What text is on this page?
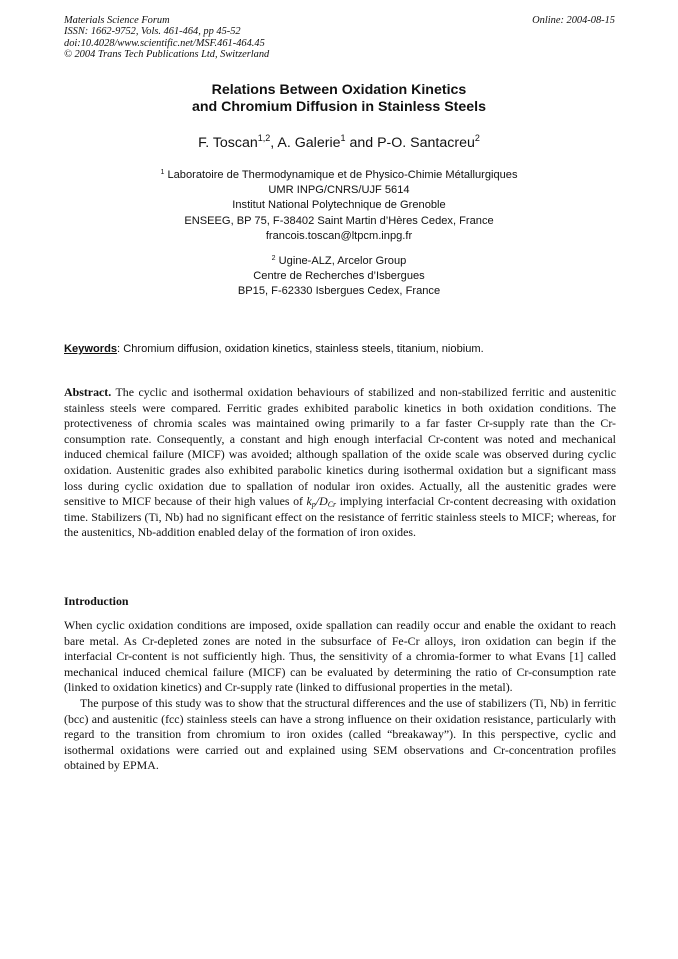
Materials Science Forum
ISSN: 1662-9752, Vols. 461-464, pp 45-52
doi:10.4028/www.scientific.net/MSF.461-464.45
© 2004 Trans Tech Publications Ltd, Switzerland
Online: 2004-08-15
Relations Between Oxidation Kinetics
and Chromium Diffusion in Stainless Steels
F. Toscan$^{1,2}$, A. Galerie$^1$ and P-O. Santacreu$^2$
$^1$ Laboratoire de Thermodynamique et de Physico-Chimie Métallurgiques
UMR INPG/CNRS/UJF 5614
Institut National Polytechnique de Grenoble
ENSEEG, BP 75, F-38402 Saint Martin d’Hères Cedex, France
francois.toscan@ltpcm.inpg.fr
$^2$ Ugine-ALZ, Arcelor Group
Centre de Recherches d’Isbergues
BP15, F-62330 Isbergues Cedex, France
Keywords: Chromium diffusion, oxidation kinetics, stainless steels, titanium, niobium.

Abstract. The cyclic and isothermal oxidation behaviours of stabilized and non-stabilized ferritic and austenitic stainless steels were compared. Ferritic grades exhibited parabolic kinetics in both oxidation conditions. The protectiveness of chromia scales was maintained owing primarily to a far faster Cr-supply rate than the Cr-consumption rate. Consequently, a constant and high enough interfacial Cr-content was noted and mechanical induced chemical failure (MICF) was avoided; although spallation of the oxide scale was observed during cyclic oxidation. Austenitic grades also exhibited parabolic kinetics during isothermal oxidation but a significant mass loss during cyclic oxidation due to spallation of nodular iron oxides. Actually, all the austenitic grades were sensitive to MICF because of their high values of $k_p/D_{Cr}$ implying interfacial Cr-content decreasing with oxidation time. Stabilizers (Ti, Nb) had no significant effect on the resistance of ferritic stainless steels to MICF; whereas, for the austenitics, Nb-addition enabled delay of the formation of iron oxides.

Introduction

When cyclic oxidation conditions are imposed, oxide spallation can readily occur and enable the oxidant to reach bare metal. As Cr-depleted zones are noted in the subsurface of Fe-Cr alloys, iron oxidation can begin if the interfacial Cr-content is not sufficiently high. Thus, the sensitivity of a chromia-former to what Evans [1] called mechanical induced chemical failure (MICF) can be evaluated by determining the ratio of Cr-consumption rate (linked to oxidation kinetics) and Cr-supply rate (linked to diffusional properties in the metal).

The purpose of this study was to show that the structural differences and the use of stabilizers (Ti, Nb) in ferritic (bcc) and austenitic (fcc) stainless steels can have a strong influence on their oxidation resistance, particularly with regard to the transition from chromium to iron oxides (called “breakaway”). In this perspective, cyclic and isothermal oxidations were carried out and explained using SEM observations and Cr-concentration profiles obtained by EPMA.
